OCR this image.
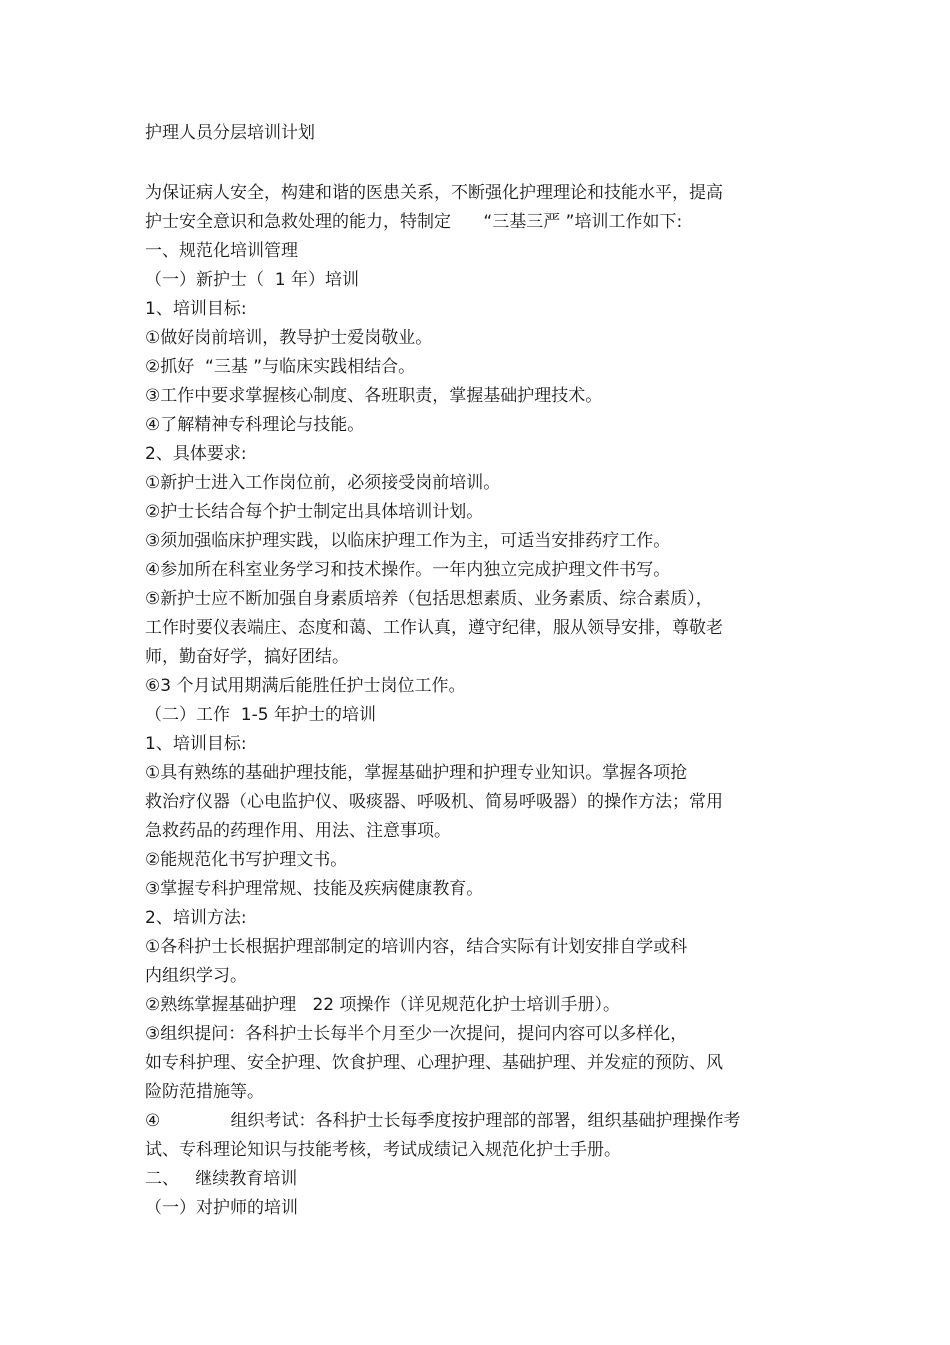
护理人员分层培训计划
为保证病人安全，构建和谐的医患关系，不断强化护理理论和技能水平，提高
护士安全意识和急救处理的能力，特制定      “三基三严 ”培训工作如下:
一、规范化培训管理
（一）新护士（  1 年）培训
1、培训目标:
①做好岗前培训，教导护士爱岗敬业。
②抓好  “三基 ”与临床实践相结合。
③工作中要求掌握核心制度、各班职责，掌握基础护理技术。
④了解精神专科理论与技能。
2、具体要求:
①新护士进入工作岗位前，必须接受岗前培训。
②护士长结合每个护士制定出具体培训计划。
③须加强临床护理实践，以临床护理工作为主，可适当安排药疗工作。
④参加所在科室业务学习和技术操作。一年内独立完成护理文件书写。
⑤新护士应不断加强自身素质培养（包括思想素质、业务素质、综合素质），
工作时要仪表端庄、态度和蔼、工作认真，遵守纪律，服从领导安排，尊敬老
师，勤奋好学，搞好团结。
⑥3 个月试用期满后能胜任护士岗位工作。
（二）工作  1-5 年护士的培训
1、培训目标:
①具有熟练的基础护理技能，掌握基础护理和护理专业知识。掌握各项抢
救治疗仪器（心电监护仪、吸痰器、呼吸机、简易呼吸器）的操作方法；常用
急救药品的药理作用、用法、注意事项。
②能规范化书写护理文书。
③掌握专科护理常规、技能及疾病健康教育。
2、培训方法:
①各科护士长根据护理部制定的培训内容，结合实际有计划安排自学或科
内组织学习。
②熟练掌握基础护理   22 项操作（详见规范化护士培训手册）。
③组织提问：各科护士长每半个月至少一次提问，提问内容可以多样化，
如专科护理、安全护理、饮食护理、心理护理、基础护理、并发症的预防、风
险防范措施等。
④             组织考试：各科护士长每季度按护理部的部署，组织基础护理操作考
试、专科理论知识与技能考核，考试成绩记入规范化护士手册。
二、   继续教育培训
（一）对护师的培训
